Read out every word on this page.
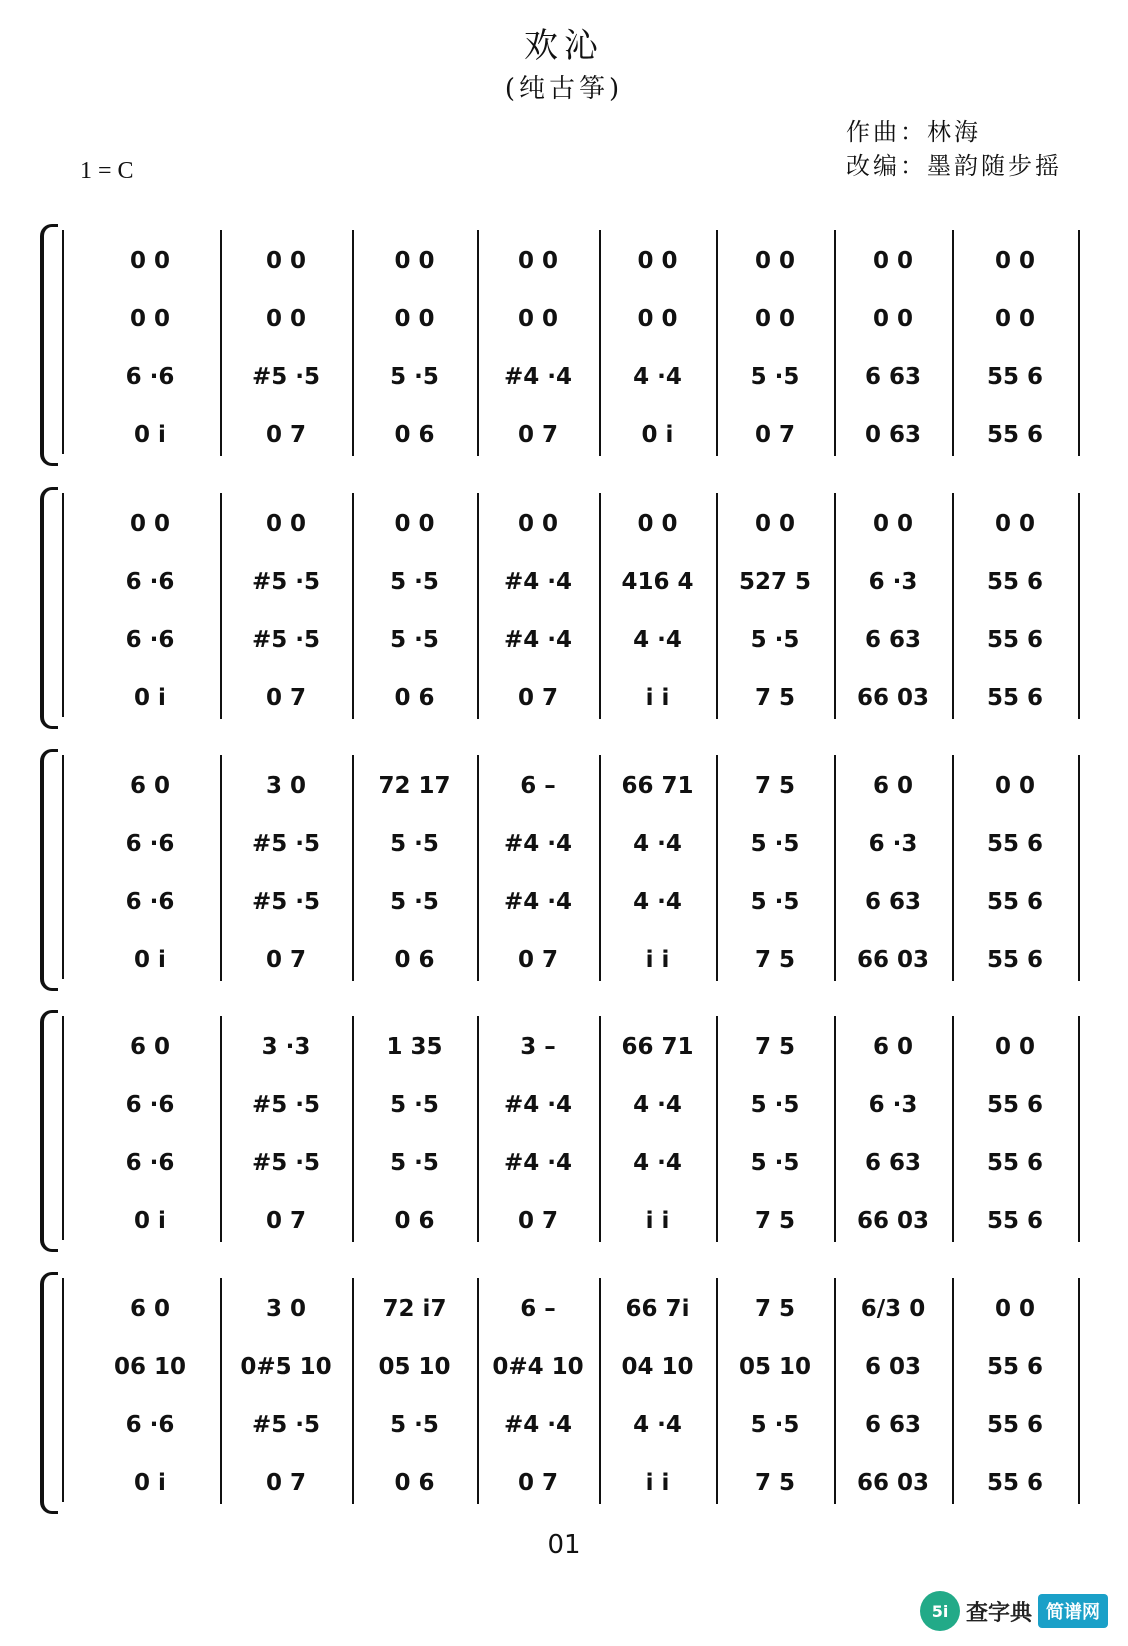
欢沁
(纯古筝)
作曲：林海
改编：墨韵随步摇
1 = C
0 0	0 0	0 0	0 0	0 0	0 0	0 0	0 0
0 0	0 0	0 0	0 0	0 0	0 0	0 0	0 0
6 ·6	#5 ·5	5 ·5	#4 ·4	4 ·4	5 ·5	6 63	55 6
0 i	0 7	0 6	0 7	0 i	0 7	0 63	55 6
0 0	0 0	0 0	0 0	0 0	0 0	0 0	0 0
6 ·6	#5 ·5	5 ·5	#4 ·4	416 4	527 5	6 ·3	55 6
6 ·6	#5 ·5	5 ·5	#4 ·4	4 ·4	5 ·5	6 63	55 6
0 i	0 7	0 6	0 7	i i	7 5	66 03	55 6
6 0	3 0	72 17	6 –	66 71	7 5	6 0	0 0
6 ·6	#5 ·5	5 ·5	#4 ·4	4 ·4	5 ·5	6 ·3	55 6
6 ·6	#5 ·5	5 ·5	#4 ·4	4 ·4	5 ·5	6 63	55 6
0 i	0 7	0 6	0 7	i i	7 5	66 03	55 6
6 0	3 ·3	1 35	3 –	66 71	7 5	6 0	0 0
6 ·6	#5 ·5	5 ·5	#4 ·4	4 ·4	5 ·5	6 ·3	55 6
6 ·6	#5 ·5	5 ·5	#4 ·4	4 ·4	5 ·5	6 63	55 6
0 i	0 7	0 6	0 7	i i	7 5	66 03	55 6
6 0	3 0	72 i7	6 –	66 7i	7 5	6/3 0	0 0
06 10	0#5 10	05 10	0#4 10	04 10	05 10	6 03	55 6
6 ·6	#5 ·5	5 ·5	#4 ·4	4 ·4	5 ·5	6 63	55 6
0 i	0 7	0 6	0 7	i i	7 5	66 03	55 6
01
5i 查字典 简谱网
